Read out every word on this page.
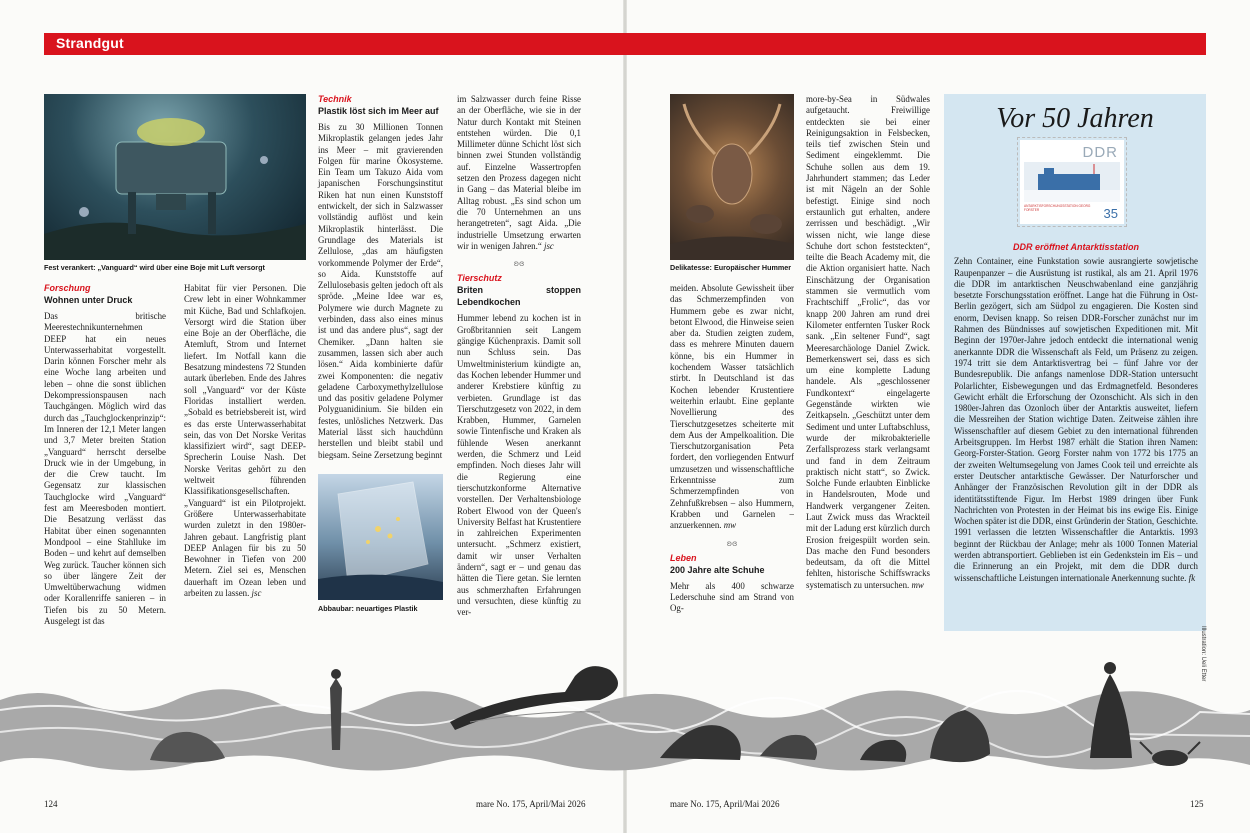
Strandgut
Fest verankert: „Vanguard“ wird über eine Boje mit Luft versorgt
Forschung
Wohnen unter Druck
Das britische Meerestechnikunternehmen DEEP hat ein neues Unterwasserhabitat vorgestellt. Darin können Forscher mehr als eine Woche lang arbeiten und leben – ohne die sonst üblichen Dekompressionspausen nach Tauchgängen. Möglich wird das durch das „Tauchglockenprinzip“: Im Inneren der 12,1 Meter langen und 3,7 Meter breiten Station „Vanguard“ herrscht derselbe Druck wie in der Umgebung, in der die Crew taucht. Im Gegensatz zur klassischen Tauchglocke wird „Vanguard“ fest am Meeresboden montiert. Die Besatzung verlässt das Habitat über einen sogenannten Mondpool – eine Stahlluke im Boden – und kehrt auf demselben Weg zurück. Taucher können sich so über längere Zeit der Umweltüberwachung widmen oder Korallenriffe sanieren – in Tiefen bis zu 50 Metern. Ausgelegt ist das
Habitat für vier Personen. Die Crew lebt in einer Wohnkammer mit Küche, Bad und Schlafkojen. Versorgt wird die Station über eine Boje an der Oberfläche, die Atemluft, Strom und Internet liefert. Im Notfall kann die Besatzung mindestens 72 Stunden autark überleben. Ende des Jahres soll „Vanguard“ vor der Küste Floridas installiert werden. „Sobald es betriebsbereit ist, wird es das erste Unterwasserhabitat sein, das von Det Norske Veritas klassifiziert wird“, sagt DEEP-Sprecherin Louise Nash. Det Norske Veritas gehört zu den weltweit führenden Klassifikationsgesellschaften. „Vanguard“ ist ein Pilotprojekt. Größere Unterwasserhabitate wurden zuletzt in den 1980er-Jahren gebaut. Langfristig plant DEEP Anlagen für bis zu 50 Bewohner in Tiefen von 200 Metern. Ziel sei es, Menschen dauerhaft im Ozean leben und arbeiten zu lassen. jsc
Technik
Plastik löst sich im Meer auf
Bis zu 30 Millionen Tonnen Mikroplastik gelangen jedes Jahr ins Meer – mit gravierenden Folgen für marine Ökosysteme. Ein Team um Takuzo Aida vom japanischen Forschungsinstitut Riken hat nun einen Kunststoff entwickelt, der sich in Salzwasser vollständig auflöst und kein Mikroplastik hinterlässt. Die Grundlage des Materials ist Zellulose, „das am häufigsten vorkommende Polymer der Erde“, so Aida. Kunststoffe auf Zellulosebasis gelten jedoch oft als spröde. „Meine Idee war es, Polymere wie durch Magnete zu verbinden, dass also eines minus ist und das andere plus“, sagt der Chemiker. „Dann halten sie zusammen, lassen sich aber auch lösen.“ Aida kombinierte dafür zwei Komponenten: die negativ geladene Carboxymethylzellulose und das positiv geladene Polymer Polyguanidinium. Sie bilden ein festes, unlösliches Netzwerk. Das Material lässt sich hauchdünn herstellen und bleibt stabil und biegsam. Seine Zersetzung beginnt
Abbaubar: neuartiges Plastik
im Salzwasser durch feine Risse an der Oberfläche, wie sie in der Natur durch Kontakt mit Steinen entstehen würden. Die 0,1 Millimeter dünne Schicht löst sich binnen zwei Stunden vollständig auf. Einzelne Wassertropfen setzen den Prozess dagegen nicht in Gang – das Material bleibe im Alltag robust. „Es sind schon um die 70 Unternehmen an uns herangetreten“, sagt Aida. „Die industrielle Umsetzung erwarten wir in wenigen Jahren.“ jsc
ʚɞ
Tierschutz
Briten stoppen Lebendkochen
Hummer lebend zu kochen ist in Großbritannien seit Langem gängige Küchenpraxis. Damit soll nun Schluss sein. Das Umweltministerium kündigte an, das Kochen lebender Hummer und anderer Krebstiere künftig zu verbieten. Grundlage ist das Tierschutzgesetz von 2022, in dem Krabben, Hummer, Garnelen sowie Tintenfische und Kraken als fühlende Wesen anerkannt werden, die Schmerz und Leid empfinden. Noch dieses Jahr will die Regierung eine tierschutzkonforme Alternative vorstellen. Der Verhaltensbiologe Robert Elwood von der Queen's University Belfast hat Krustentiere in zahlreichen Experimenten untersucht. „Schmerz existiert, damit wir unser Verhalten ändern“, sagt er – und genau das hätten die Tiere getan. Sie lernten aus schmerzhaften Erfahrungen und versuchten, diese künftig zu ver-
Delikatesse: Europäischer Hummer
meiden. Absolute Gewissheit über das Schmerzempfinden von Hummern gebe es zwar nicht, betont Elwood, die Hinweise seien aber da. Studien zeigten zudem, dass es mehrere Minuten dauern könne, bis ein Hummer in kochendem Wasser tatsächlich stirbt. In Deutschland ist das Kochen lebender Krustentiere weiterhin erlaubt. Eine geplante Novellierung des Tierschutzgesetzes scheiterte mit dem Aus der Ampelkoalition. Die Tierschutzorganisation Peta fordert, den vorliegenden Entwurf umzusetzen und wissenschaftliche Erkenntnisse zum Schmerzempfinden von Zehnfußkrebsen – also Hummern, Krabben und Garnelen – anzuerkennen. mw
ʚɞ
Leben
200 Jahre alte Schuhe
Mehr als 400 schwarze Lederschuhe sind am Strand von Og-
more-by-Sea in Südwales aufgetaucht. Freiwillige entdeckten sie bei einer Reinigungsaktion in Felsbecken, teils tief zwischen Stein und Sediment eingeklemmt. Die Schuhe sollen aus dem 19. Jahrhundert stammen; das Leder ist mit Nägeln an der Sohle befestigt. Einige sind noch erstaunlich gut erhalten, andere zerrissen und beschädigt. „Wir wissen nicht, wie lange diese Schuhe dort schon feststeckten“, teilte die Beach Academy mit, die die Aktion organisiert hatte. Nach Einschätzung der Organisation stammen sie vermutlich vom Frachtschiff „Frolic“, das vor knapp 200 Jahren am rund drei Kilometer entfernten Tusker Rock sank. „Ein seltener Fund“, sagt Meeresarchäologe Daniel Zwick. Bemerkenswert sei, dass es sich um eine komplette Ladung handele. Als „geschlossener Fundkontext“ eingelagerte Gegenstände wirkten wie Zeitkapseln. „Geschützt unter dem Sediment und unter Luftabschluss, wurde der mikrobakterielle Zerfallsprozess stark verlangsamt und fand in dem Zeitraum praktisch nicht statt“, so Zwick. Solche Funde erlaubten Einblicke in Handelsrouten, Mode und Handwerk vergangener Zeiten. Laut Zwick muss das Wrackteil mit der Ladung erst kürzlich durch Erosion freigespült worden sein. Das mache den Fund besonders bedeutsam, da oft die Mittel fehlten, historische Schiffswracks systematisch zu untersuchen. mw
Vor 50 Jahren
DDR
ANTARKTISFORSCHUNGSSTATION GEORG FORSTER	35
DDR eröffnet Antarktisstation
Zehn Container, eine Funkstation sowie ausrangierte sowjetische Raupenpanzer – die Ausrüstung ist rustikal, als am 21. April 1976 die DDR im antarktischen Neuschwabenland eine ganzjährig besetzte Forschungsstation eröffnet. Lange hat die Führung in Ost-Berlin gezögert, sich am Südpol zu engagieren. Die Kosten sind enorm, Devisen knapp. So reisen DDR-Forscher zunächst nur im Rahmen des Bündnisses auf sowjetischen Expeditionen mit. Mit Beginn der 1970er-Jahre jedoch entdeckt die international wenig anerkannte DDR die Wissenschaft als Feld, um Präsenz zu zeigen. 1974 tritt sie dem Antarktisvertrag bei – fünf Jahre vor der Bundesrepublik. Die anfangs namenlose DDR-Station untersucht Polarlichter, Eisbewegungen und das Erdmagnetfeld. Besonderes Gewicht erhält die Erforschung der Ozonschicht. Als sich in den 1980er-Jahren das Ozonloch über der Antarktis ausweitet, liefern die Messreihen der Station wichtige Daten. Zeitweise zählen ihre Wissenschaftler auf diesem Gebiet zu den international führenden Arbeitsgruppen. Im Herbst 1987 erhält die Station ihren Namen: Georg-Forster-Station. Georg Forster nahm von 1772 bis 1775 an der zweiten Weltumsegelung von James Cook teil und erreichte als erster Deutscher antarktische Gewässer. Der Naturforscher und Anhänger der Französischen Revolution gilt in der DDR als identitätsstiftende Figur. Im Herbst 1989 dringen über Funk Nachrichten von Protesten in der Heimat bis ins ewige Eis. Einige Wochen später ist die DDR, einst Gründerin der Station, Geschichte. 1991 verlassen die letzten Wissenschaftler die Antarktis. 1993 beginnt der Rückbau der Anlage; mehr als 1000 Tonnen Material werden abtransportiert. Geblieben ist ein Gedenkstein im Eis – und die Erinnerung an ein Projekt, mit dem die DDR durch wissenschaftliche Leistungen internationale Anerkennung suchte. fk
Illustration: Ueli Etter
124	mare No. 175, April/Mai 2026	mare No. 175, April/Mai 2026	125
